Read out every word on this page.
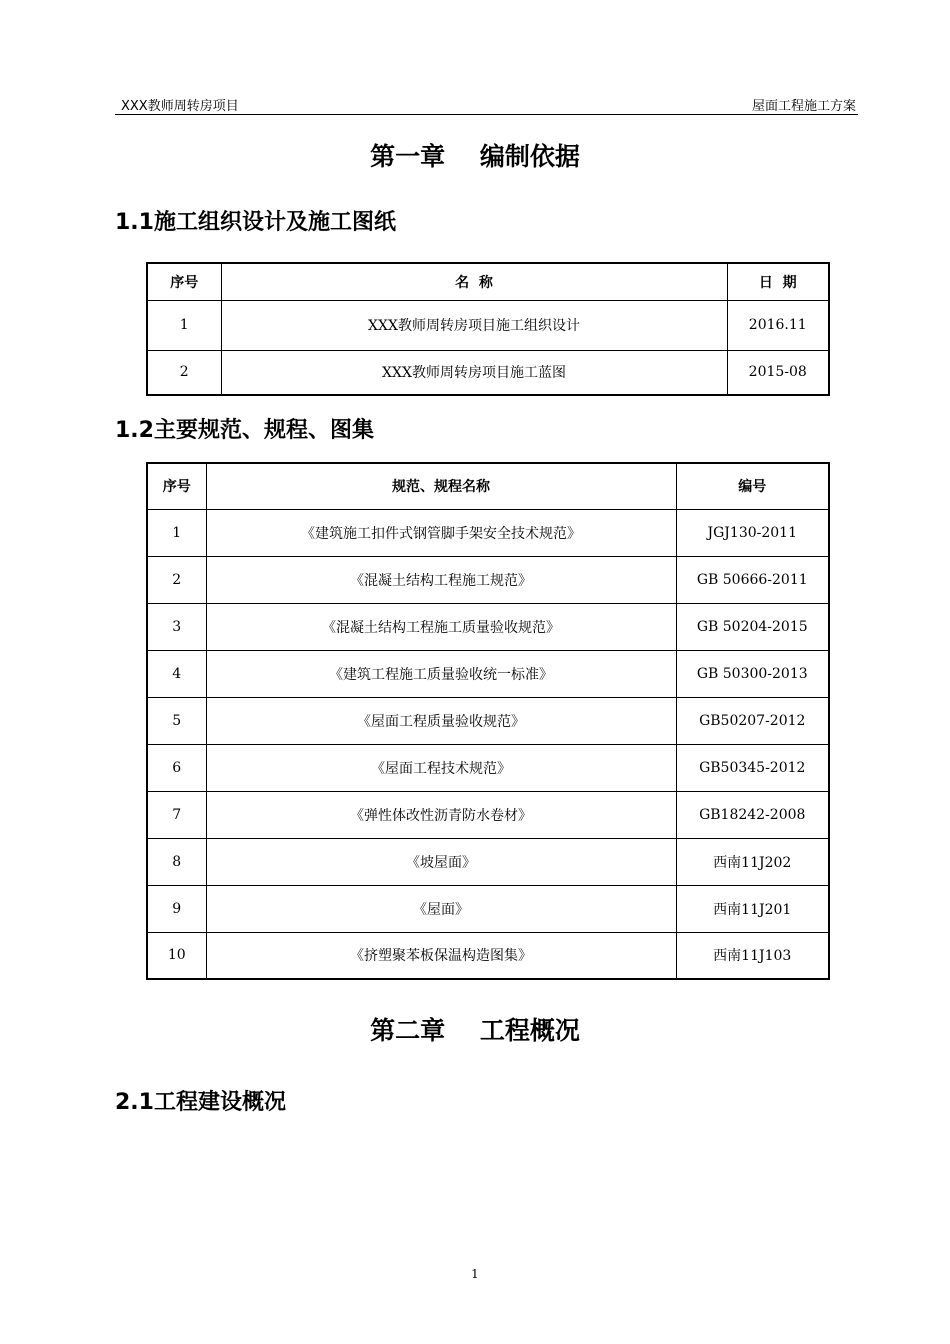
XXX教师周转房项目	屋面工程施工方案
第一章    编制依据
1.1施工组织设计及施工图纸
序号	名  称	日  期
1	XXX教师周转房项目施工组织设计	2016.11
2	XXX教师周转房项目施工蓝图	2015-08
1.2主要规范、规程、图集
序号	规范、规程名称	编号
1	《建筑施工扣件式钢管脚手架安全技术规范》	JGJ130-2011
2	《混凝土结构工程施工规范》	GB 50666-2011
3	《混凝土结构工程施工质量验收规范》	GB 50204-2015
4	《建筑工程施工质量验收统一标准》	GB 50300-2013
5	《屋面工程质量验收规范》	GB50207-2012
6	《屋面工程技术规范》	GB50345-2012
7	《弹性体改性沥青防水卷材》	GB18242-2008
8	《坡屋面》	西南11J202
9	《屋面》	西南11J201
10	《挤塑聚苯板保温构造图集》	西南11J103
第二章    工程概况
2.1工程建设概况
1
